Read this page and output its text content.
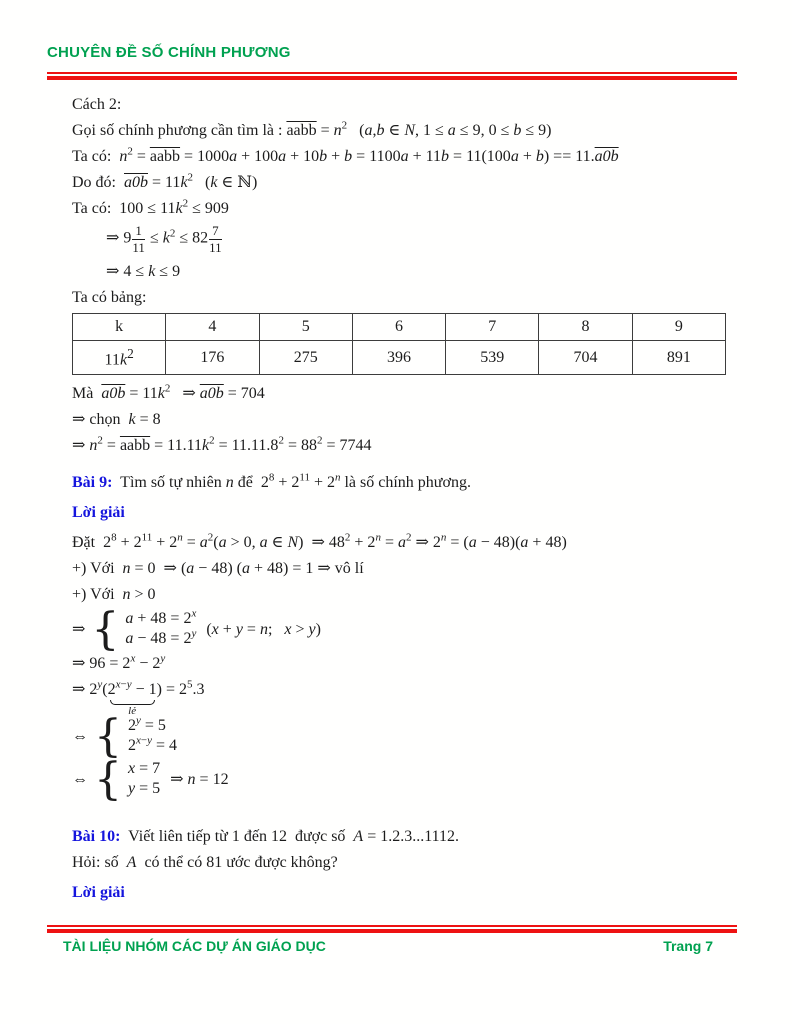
CHUYÊN ĐỀ SỐ CHÍNH PHƯƠNG

Cách 2:

Gọi số chính phương cần tìm là : aabb = $n^2$   (a,b ∈ N, 1 ≤ a ≤ 9, 0 ≤ b ≤ 9)

Ta có:  $n^2$ = aabb = 1000a + 100a + 10b + b = 1100a + 11b = 11(100a + b) == 11.a0b

Do đó:  $a0b = 11k^2$   (k ∈ ℕ)

Ta có:  $100 \le 11k^2 \le 909$

⇒ $9 \frac{1}{11} \le k^2 \le 82 \frac{7}{11}$

⇒ 4 ≤ k ≤ 9

Ta có bảng:

k	4	5	6	7	8	9
$11k^2$	176	275	396	539	704	891

Mà  $a0b = 11k^2$   ⇒ a0b = 704

⇒ chọn  k = 8

⇒ $n^2$ = aabb = $11.11k^2 = 11.11.8^2 = 88^2 = 7744$

Bài 9:  Tìm số tự nhiên n để  $2^8 + 2^{11} + 2^n$ là số chính phương.

Lời giải

Đặt  $2^8 + 2^{11} + 2^n = a^2(a > 0$, a ∈ N)  ⇒ $48^2 + 2^n = a^2$ ⇒ $2^n = (a - 48)(a + 48)$

+) Với  n = 0  ⇒ (a − 48) (a + 48) = 1 ⇒ vô lí

+) Với  n > 0

⇒ { $a + 48 = 2^x$
$a - 48 = 2^y$ (x + y = n;   x > y)

⇒ $96 = 2^x - 2^y$

⇒ $2^y(2^{x-y} - 1$
lẻ
) = $2^5.3$

⇔ { $2^y = 5$
$2^{x-y} = 4$
⇔ { x = 7
y = 5
⇒ n = 12

Bài 10:  Viết liên tiếp từ 1 đến 12  được số  A = 1.2.3...1112.

Hỏi: số  A  có thể có 81 ước được không?

Lời giải

TÀI LIỆU NHÓM CÁC DỰ ÁN GIÁO DỤC	Trang 7
